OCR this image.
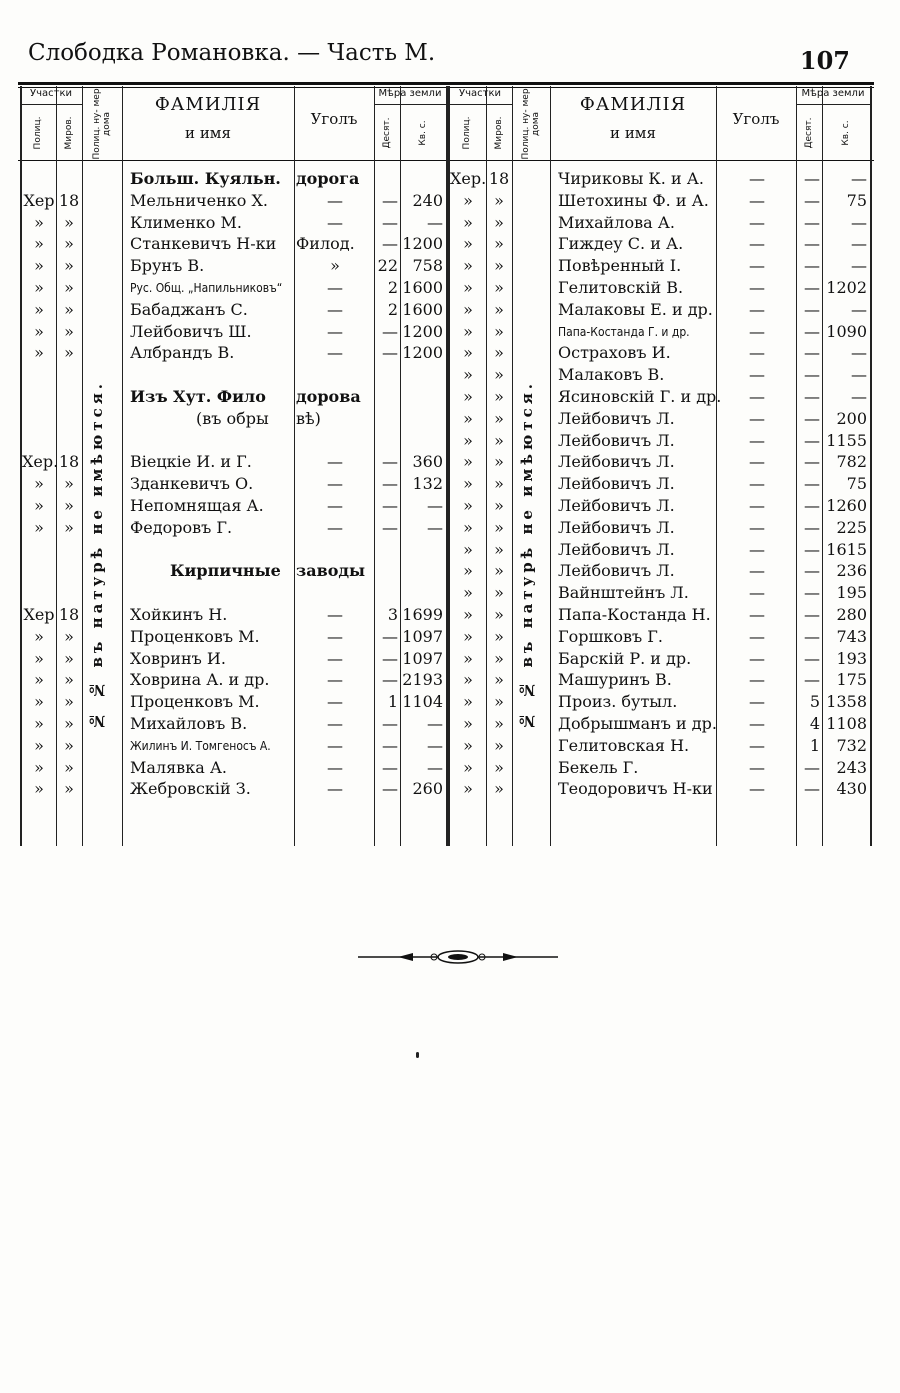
Слободка Романовка. — Часть М.	107
Участки	Мѣра земли
ФАМИЛІЯ
и имя
Уголъ
Полиц.	Миров.	Полиц. ну- мер дома	Десят.	Кв. с.
№ № въ натурѣ не имѣются.
Больш. Куяльн. дорога
Хер 18	Мельниченко Х.	—	— 240
»	»	Клименко М.	—	—	—
»	»	Станкевичъ Н-ки	Филод.	— 1200
»	»	Брунъ В.	»	22 758
»	»	Рус. Общ. „Напильниковъ“	—	2 1600
»	»	Бабаджанъ С.	—	2 1600
»	»	Лейбовичъ Ш.	—	— 1200
»	»	Албрандъ В.	—	— 1200
Изъ Хут. Фило	дорова
(въ обры	вѣ)
Хер. 18	Віецкіе И. и Г.	—	— 360
»	»	Зданкевичъ О.	—	— 132
»	»	Непомнящая А.	—	—	—
»	»	Федоровъ Г.	—	—	—
Кирпичные заводы
Хер 18	Хойкинъ Н.	—	3 1699
»	»	Проценковъ М.	—	— 1097
»	»	Ховринъ И.	—	— 1097
»	»	Ховрина А. и др.	—	— 2193
»	»	Проценковъ М.	—	1 1104
»	»	Михайловъ В.	—	—	—
»	»	Жилинъ И. Томгеносъ А.	—	—	—
»	»	Малявка А.	—	—	—
»	»	Жебровскій З.	—	— 260
Участки	Мѣра земли
ФАМИЛІЯ
и имя
Уголъ
Полиц.	Миров.	Полиц. ну- мер дома	Десят.	Кв. с.
№ № въ натурѣ не имѣются.
Хер. 18	Чириковы К. и А.	—	—	—
»	»	Шетохины Ф. и А.	—	—	75
»	»	Михайлова А.	—	—	—
»	»	Гиждеу С. и А.	—	—	—
»	»	Повѣренный І.	—	—	—
»	»	Гелитовскій В.	—	— 1202
»	»	Малаковы Е. и др.	—	—	—
»	»	Папа-Костанда Г. и др.	—	— 1090
»	»	Остраховъ И.	—	—	—
»	»	Малаковъ В.	—	—	—
»	»	Ясиновскій Г. и др.	—	—	—
»	»	Лейбовичъ Л.	—	—	200
»	»	Лейбовичъ Л.	—	— 1155
»	»	Лейбовичъ Л.	—	—	782
»	»	Лейбовичъ Л.	—	—	75
»	»	Лейбовичъ Л.	—	— 1260
»	»	Лейбовичъ Л.	—	—	225
»	»	Лейбовичъ Л.	—	— 1615
»	»	Лейбовичъ Л.	—	—	236
»	»	Вайнштейнъ Л.	—	—	195
»	»	Папа-Костанда Н.	—	—	280
»	»	Горшковъ Г.	—	—	743
»	»	Барскій Р. и др.	—	—	193
»	»	Машуринъ В.	—	—	175
»	»	Произ. бутыл.	—	5 1358
»	»	Добрышманъ и др.	—	4 1108
»	»	Гелитовская Н.	—	1	732
»	»	Бекель Г.	—	—	243
»	»	Теодоровичъ Н-ки	—	—	430
